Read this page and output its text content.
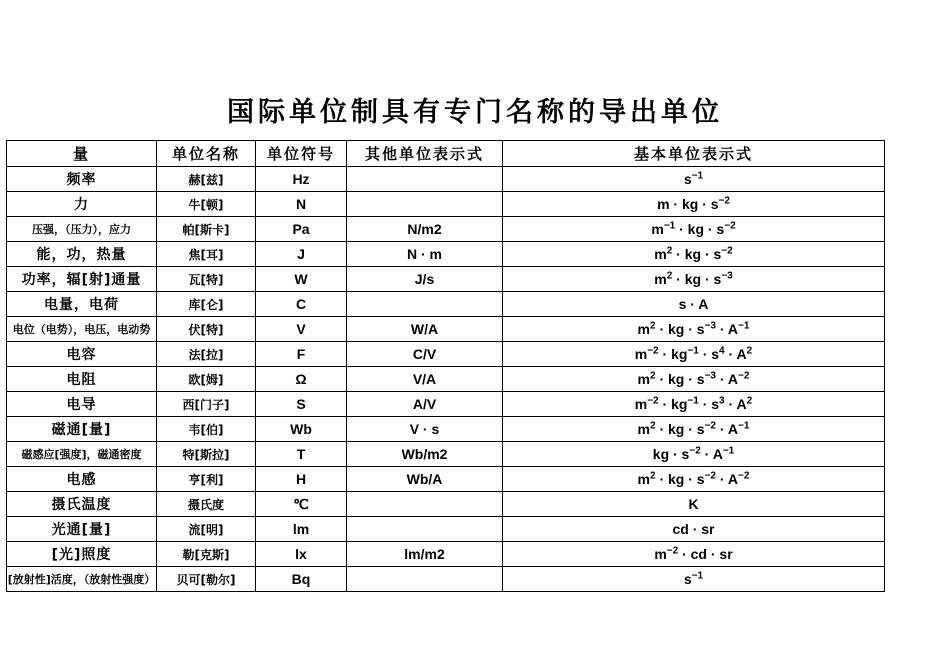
国际单位制具有专门名称的导出单位
量	单位名称	单位符号	其他单位表示式	基本单位表示式
频率	赫[兹]	Hz		$s^{-1}$
力	牛[顿]	N		m · kg · $s^{-2}$
压强，（压力），应力	帕[斯卡]	Pa	N/m2	$m^{-1}$ · kg · $s^{-2}$
能，功，热量	焦[耳]	J	N · m	$m^2$ · kg · $s^{-2}$
功率，辐[射]通量	瓦[特]	W	J/s	$m^2$ · kg · $s^{-3}$
电量，电荷	库[仑]	C		s · A
电位（电势），电压，电动势	伏[特]	V	W/A	$m^2$ · kg · $s^{-3} \cdot A^{-1}$
电容	法[拉]	F	C/V	$m^{-2} \cdot kg^{-1} \cdot s^4 \cdot A^2$
电阻	欧[姆]	Ω	V/A	$m^2$ · kg · $s^{-3} \cdot A^{-2}$
电导	西[门子]	S	A/V	$m^{-2} \cdot kg^{-1} \cdot s^3 \cdot A^2$
磁通[量]	韦[伯]	Wb	V · s	$m^2$ · kg · $s^{-2} \cdot A^{-1}$
磁感应[强度]，磁通密度	特[斯拉]	T	Wb/m2	kg · $s^{-2} \cdot A^{-1}$
电感	亨[利]	H	Wb/A	$m^2$ · kg · $s^{-2} \cdot A^{-2}$
摄氏温度	摄氏度	℃		K
光通[量]	流[明]	lm		cd · sr
[光]照度	勒[克斯]	lx	lm/m2	$m^{-2}$ · cd · sr
[放射性]活度，（放射性强度）	贝可[勒尔]	Bq		$s^{-1}$
